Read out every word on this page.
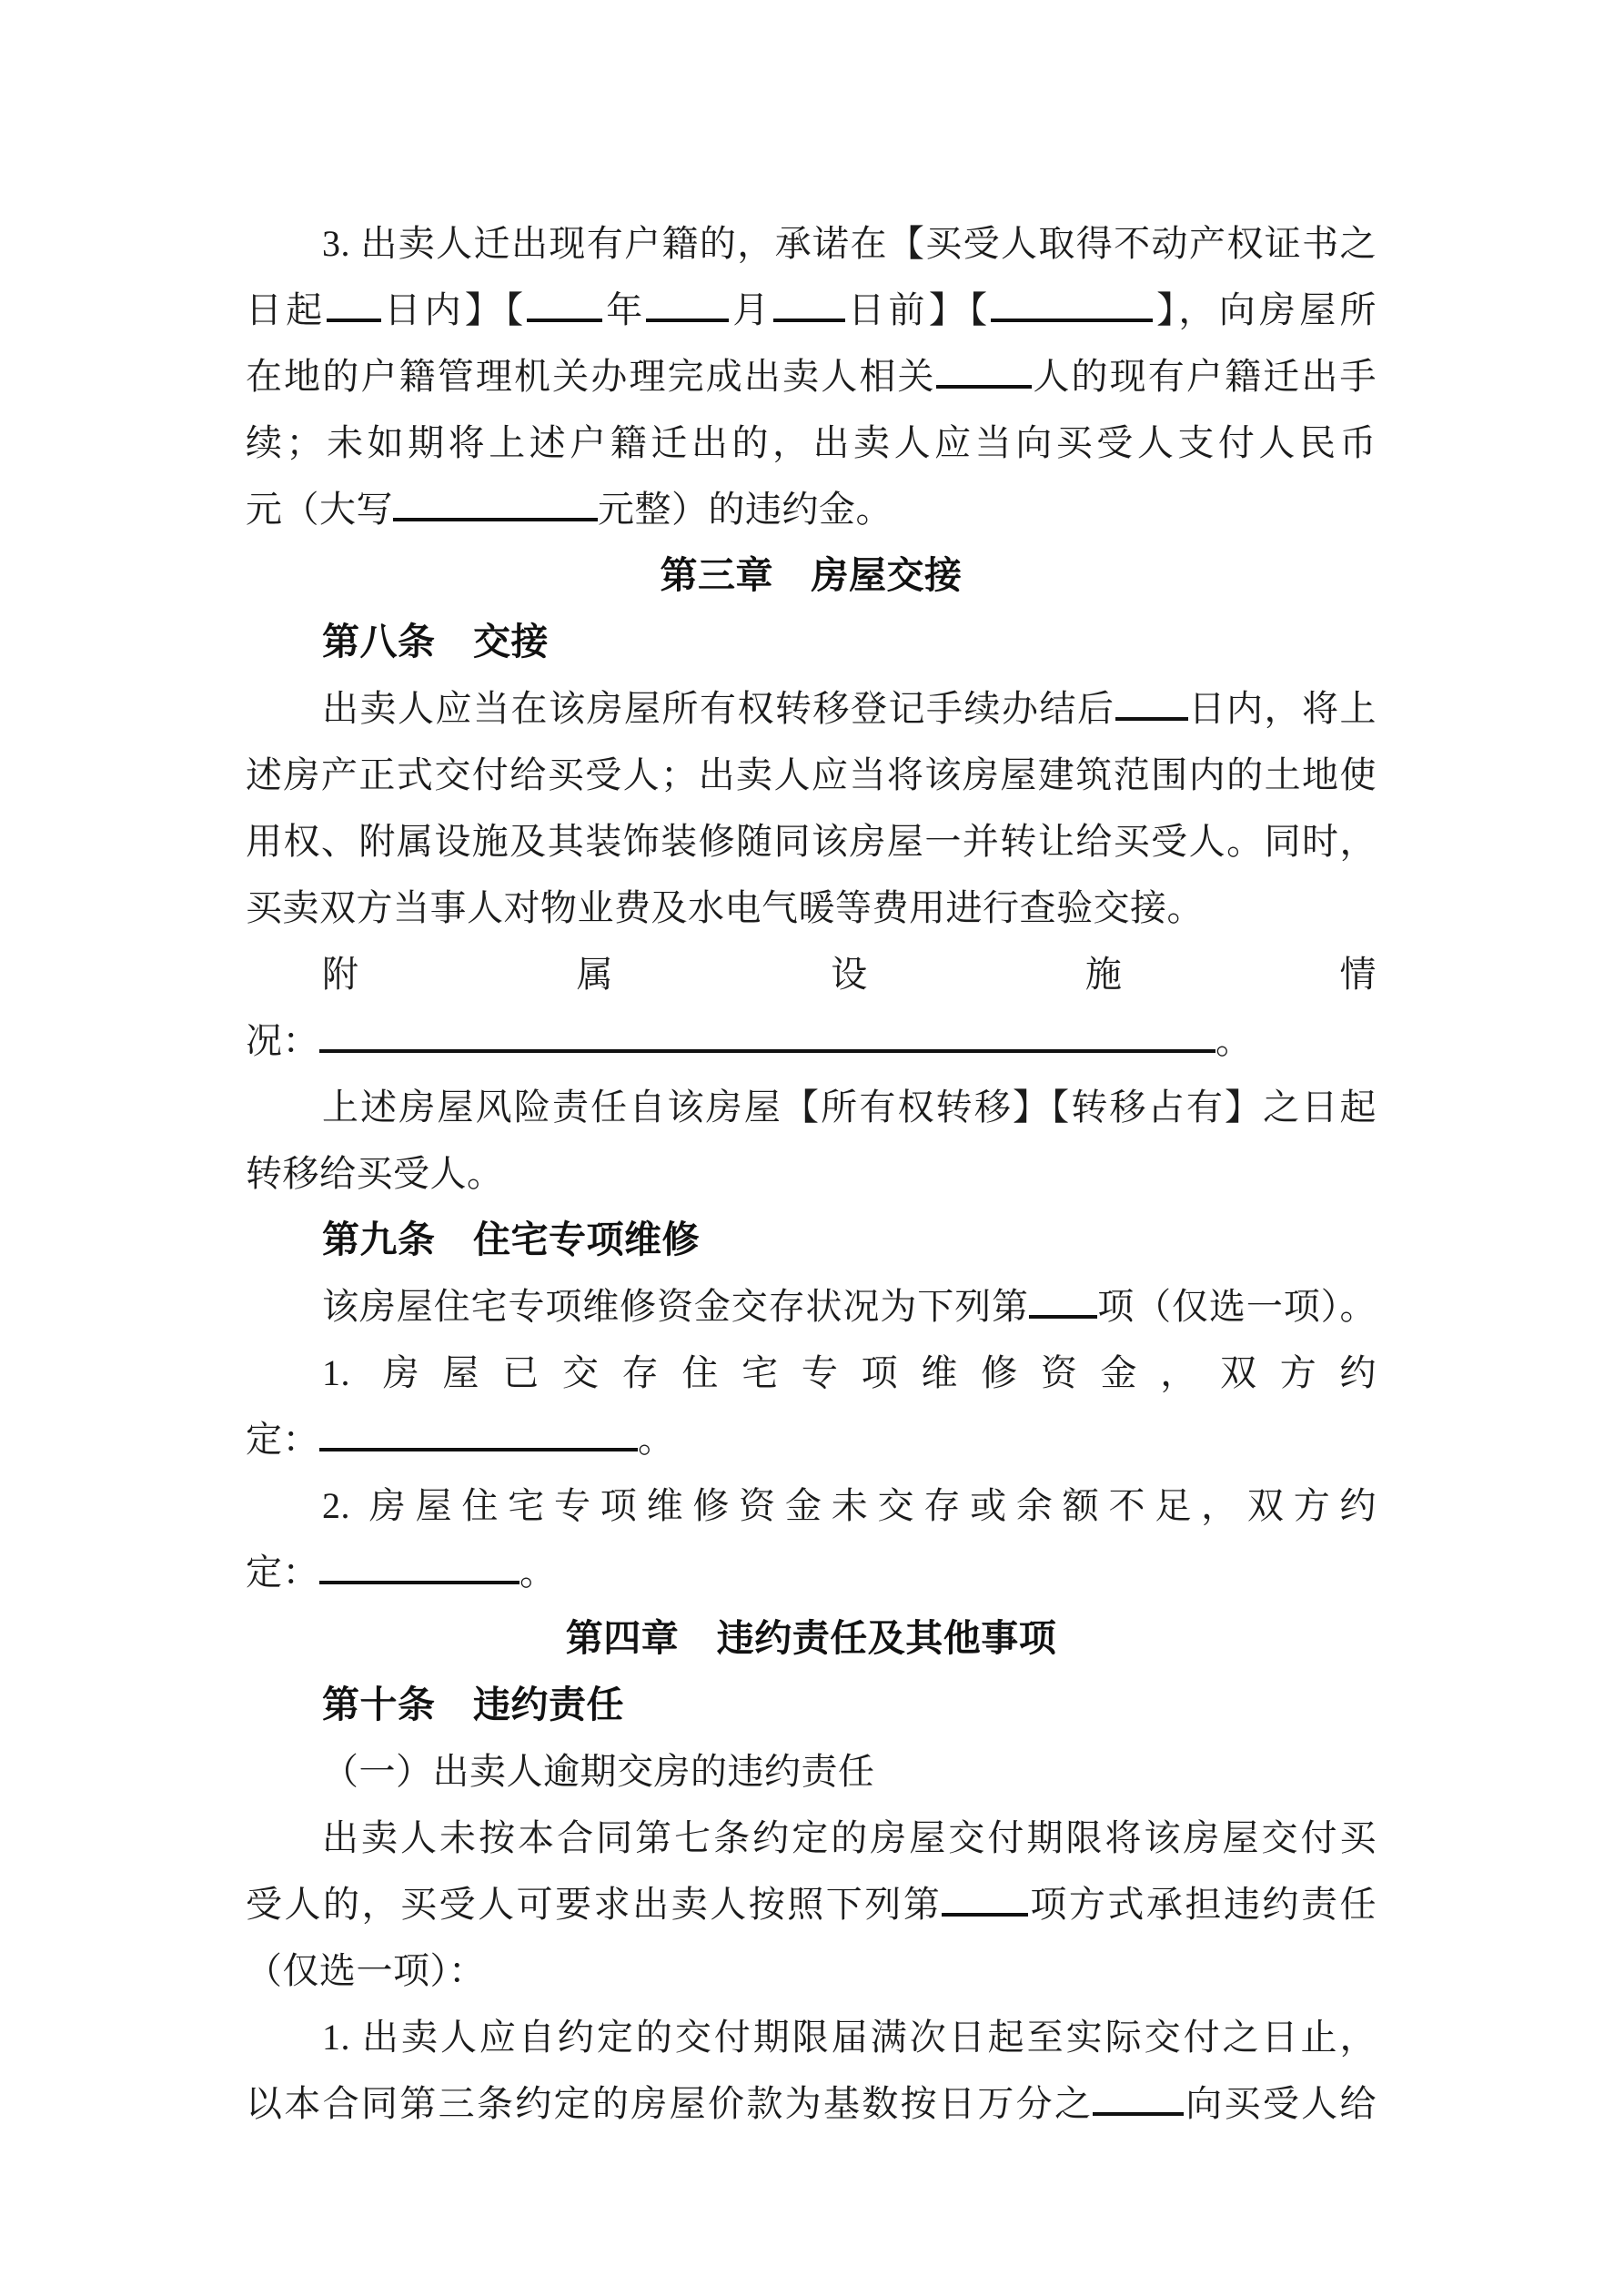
3. 出卖人迁出现有户籍的，承诺在【买受人取得不动产权证书之
日起 日内】【 年 月 日前】【	】，向房屋所
在地的户籍管理机关办理完成出卖人相关	人的现有户籍迁出手
续；未如期将上述户籍迁出的，出卖人应当向买受人支付人民币
元（大写	元整）的违约金。
第三章　房屋交接
第八条　交接
出卖人应当在该房屋所有权转移登记手续办结后 日内，将上
述房产正式交付给买受人；出卖人应当将该房屋建筑范围内的土地使
用权、附属设施及其装饰装修随同该房屋一并转让给买受人。同时，
买卖双方当事人对物业费及水电气暖等费用进行查验交接。
附属设施情
况：	。
上述房屋风险责任自该房屋【所有权转移】【转移占有】之日起
转移给买受人。
第九条　住宅专项维修
该房屋住宅专项维修资金交存状况为下列第 项（仅选一项）。
1. 房屋已交存住宅专项维修资金，双方约
定：	。
2. 房屋住宅专项维修资金未交存或余额不足，双方约
定：	。
第四章　违约责任及其他事项
第十条　违约责任
（一）出卖人逾期交房的违约责任
出卖人未按本合同第七条约定的房屋交付期限将该房屋交付买
受人的，买受人可要求出卖人按照下列第 项方式承担违约责任
（仅选一项）：
1. 出卖人应自约定的交付期限届满次日起至实际交付之日止，
以本合同第三条约定的房屋价款为基数按日万分之	向买受人给
